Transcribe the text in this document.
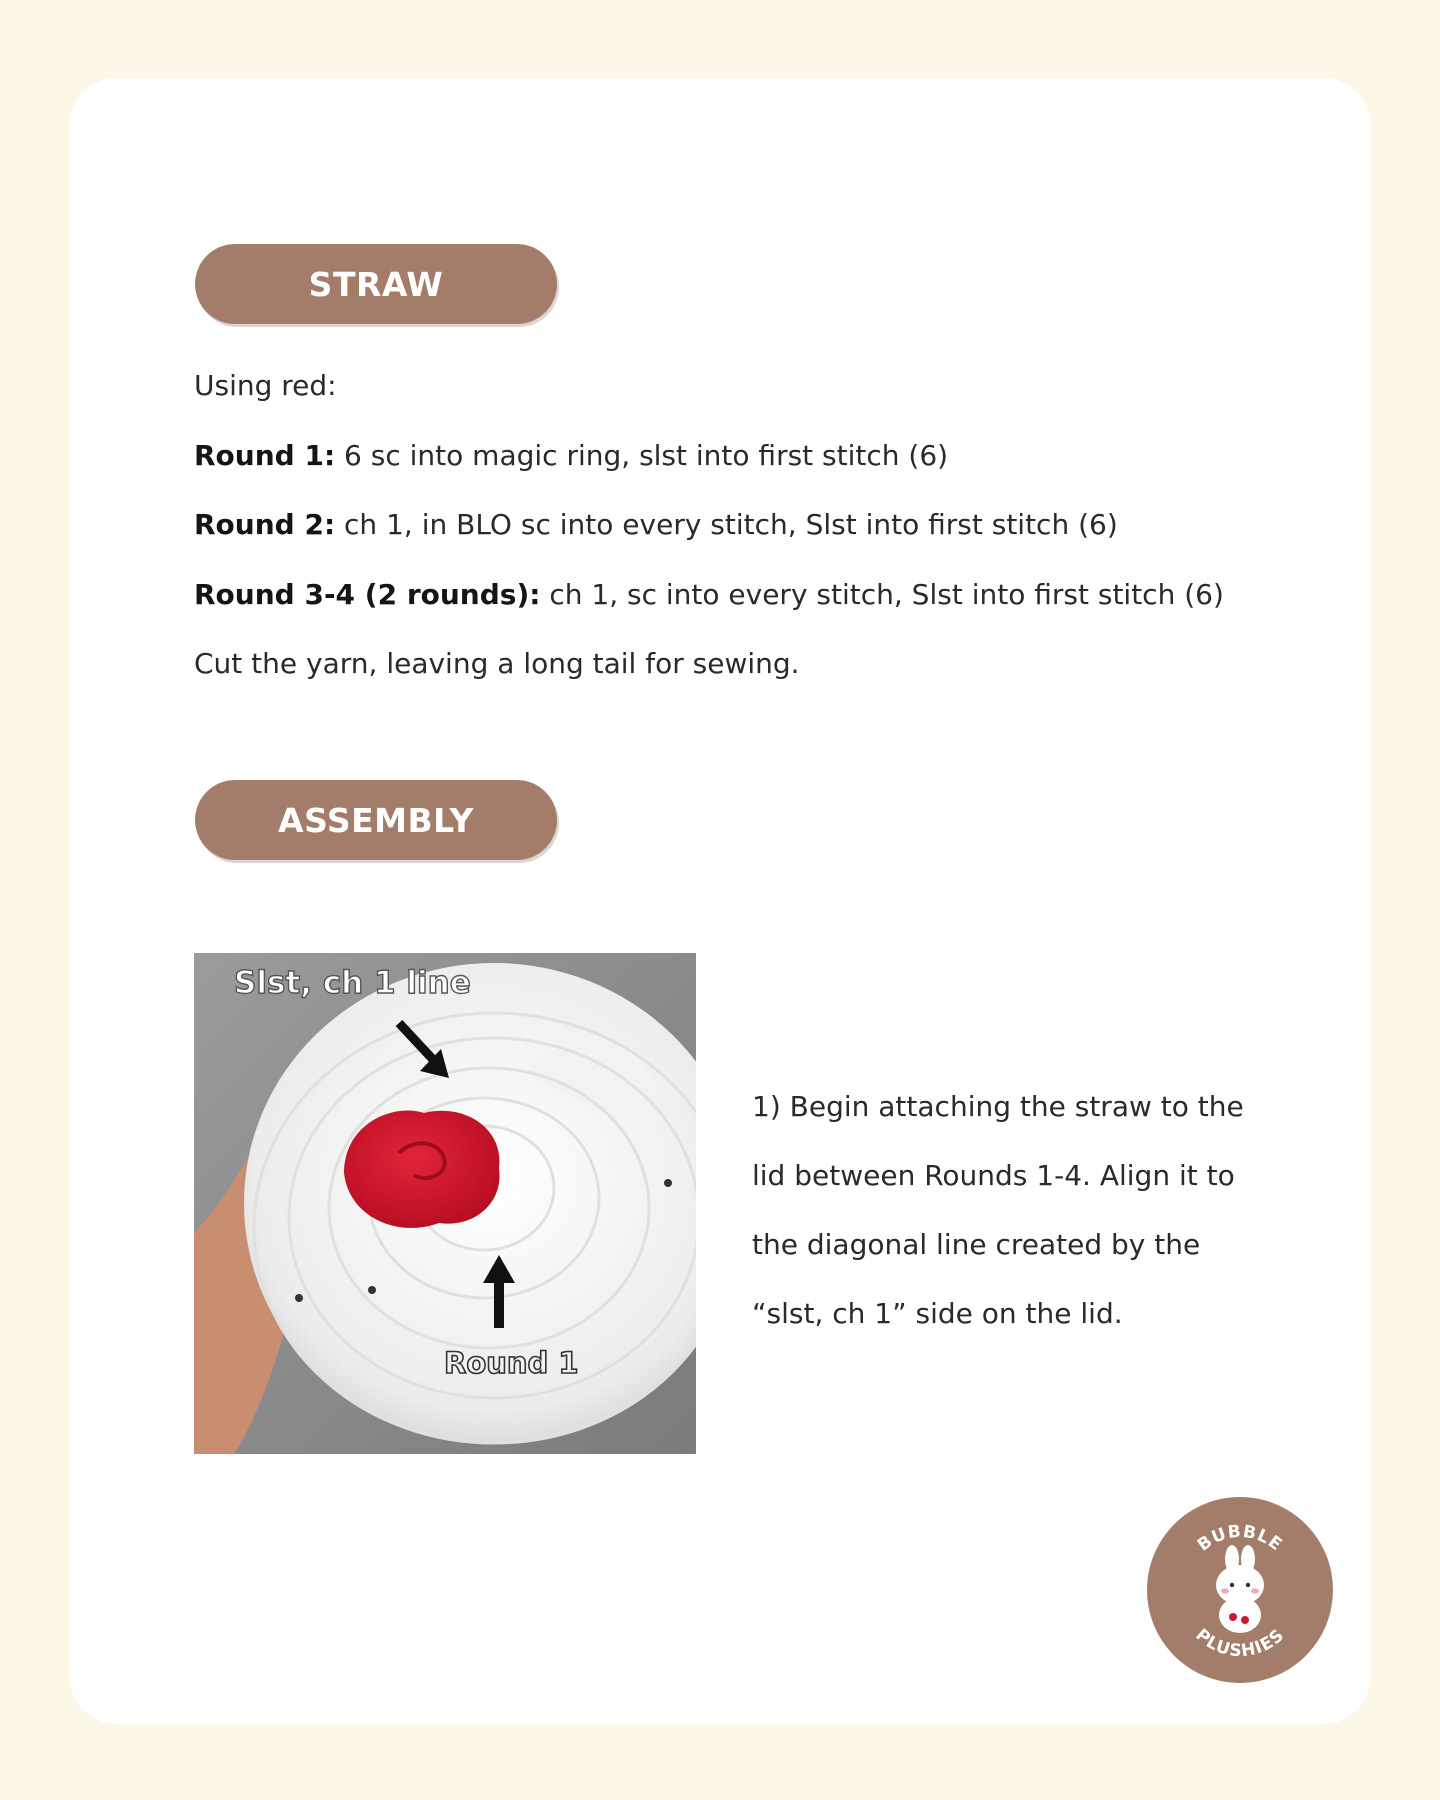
STRAW
Using red:
Round 1: 6 sc into magic ring, slst into first stitch (6)
Round 2: ch 1, in BLO sc into every stitch, Slst into first stitch (6)
Round 3-4 (2 rounds): ch 1, sc into every stitch, Slst into first stitch (6)
Cut the yarn, leaving a long tail for sewing.
ASSEMBLY
Slst, ch 1 line
Round 1
1) Begin attaching the straw to the
lid between Rounds 1-4. Align it to
the diagonal line created by the
“slst, ch 1” side on the lid.
BUBBLE
PLUSHIES
